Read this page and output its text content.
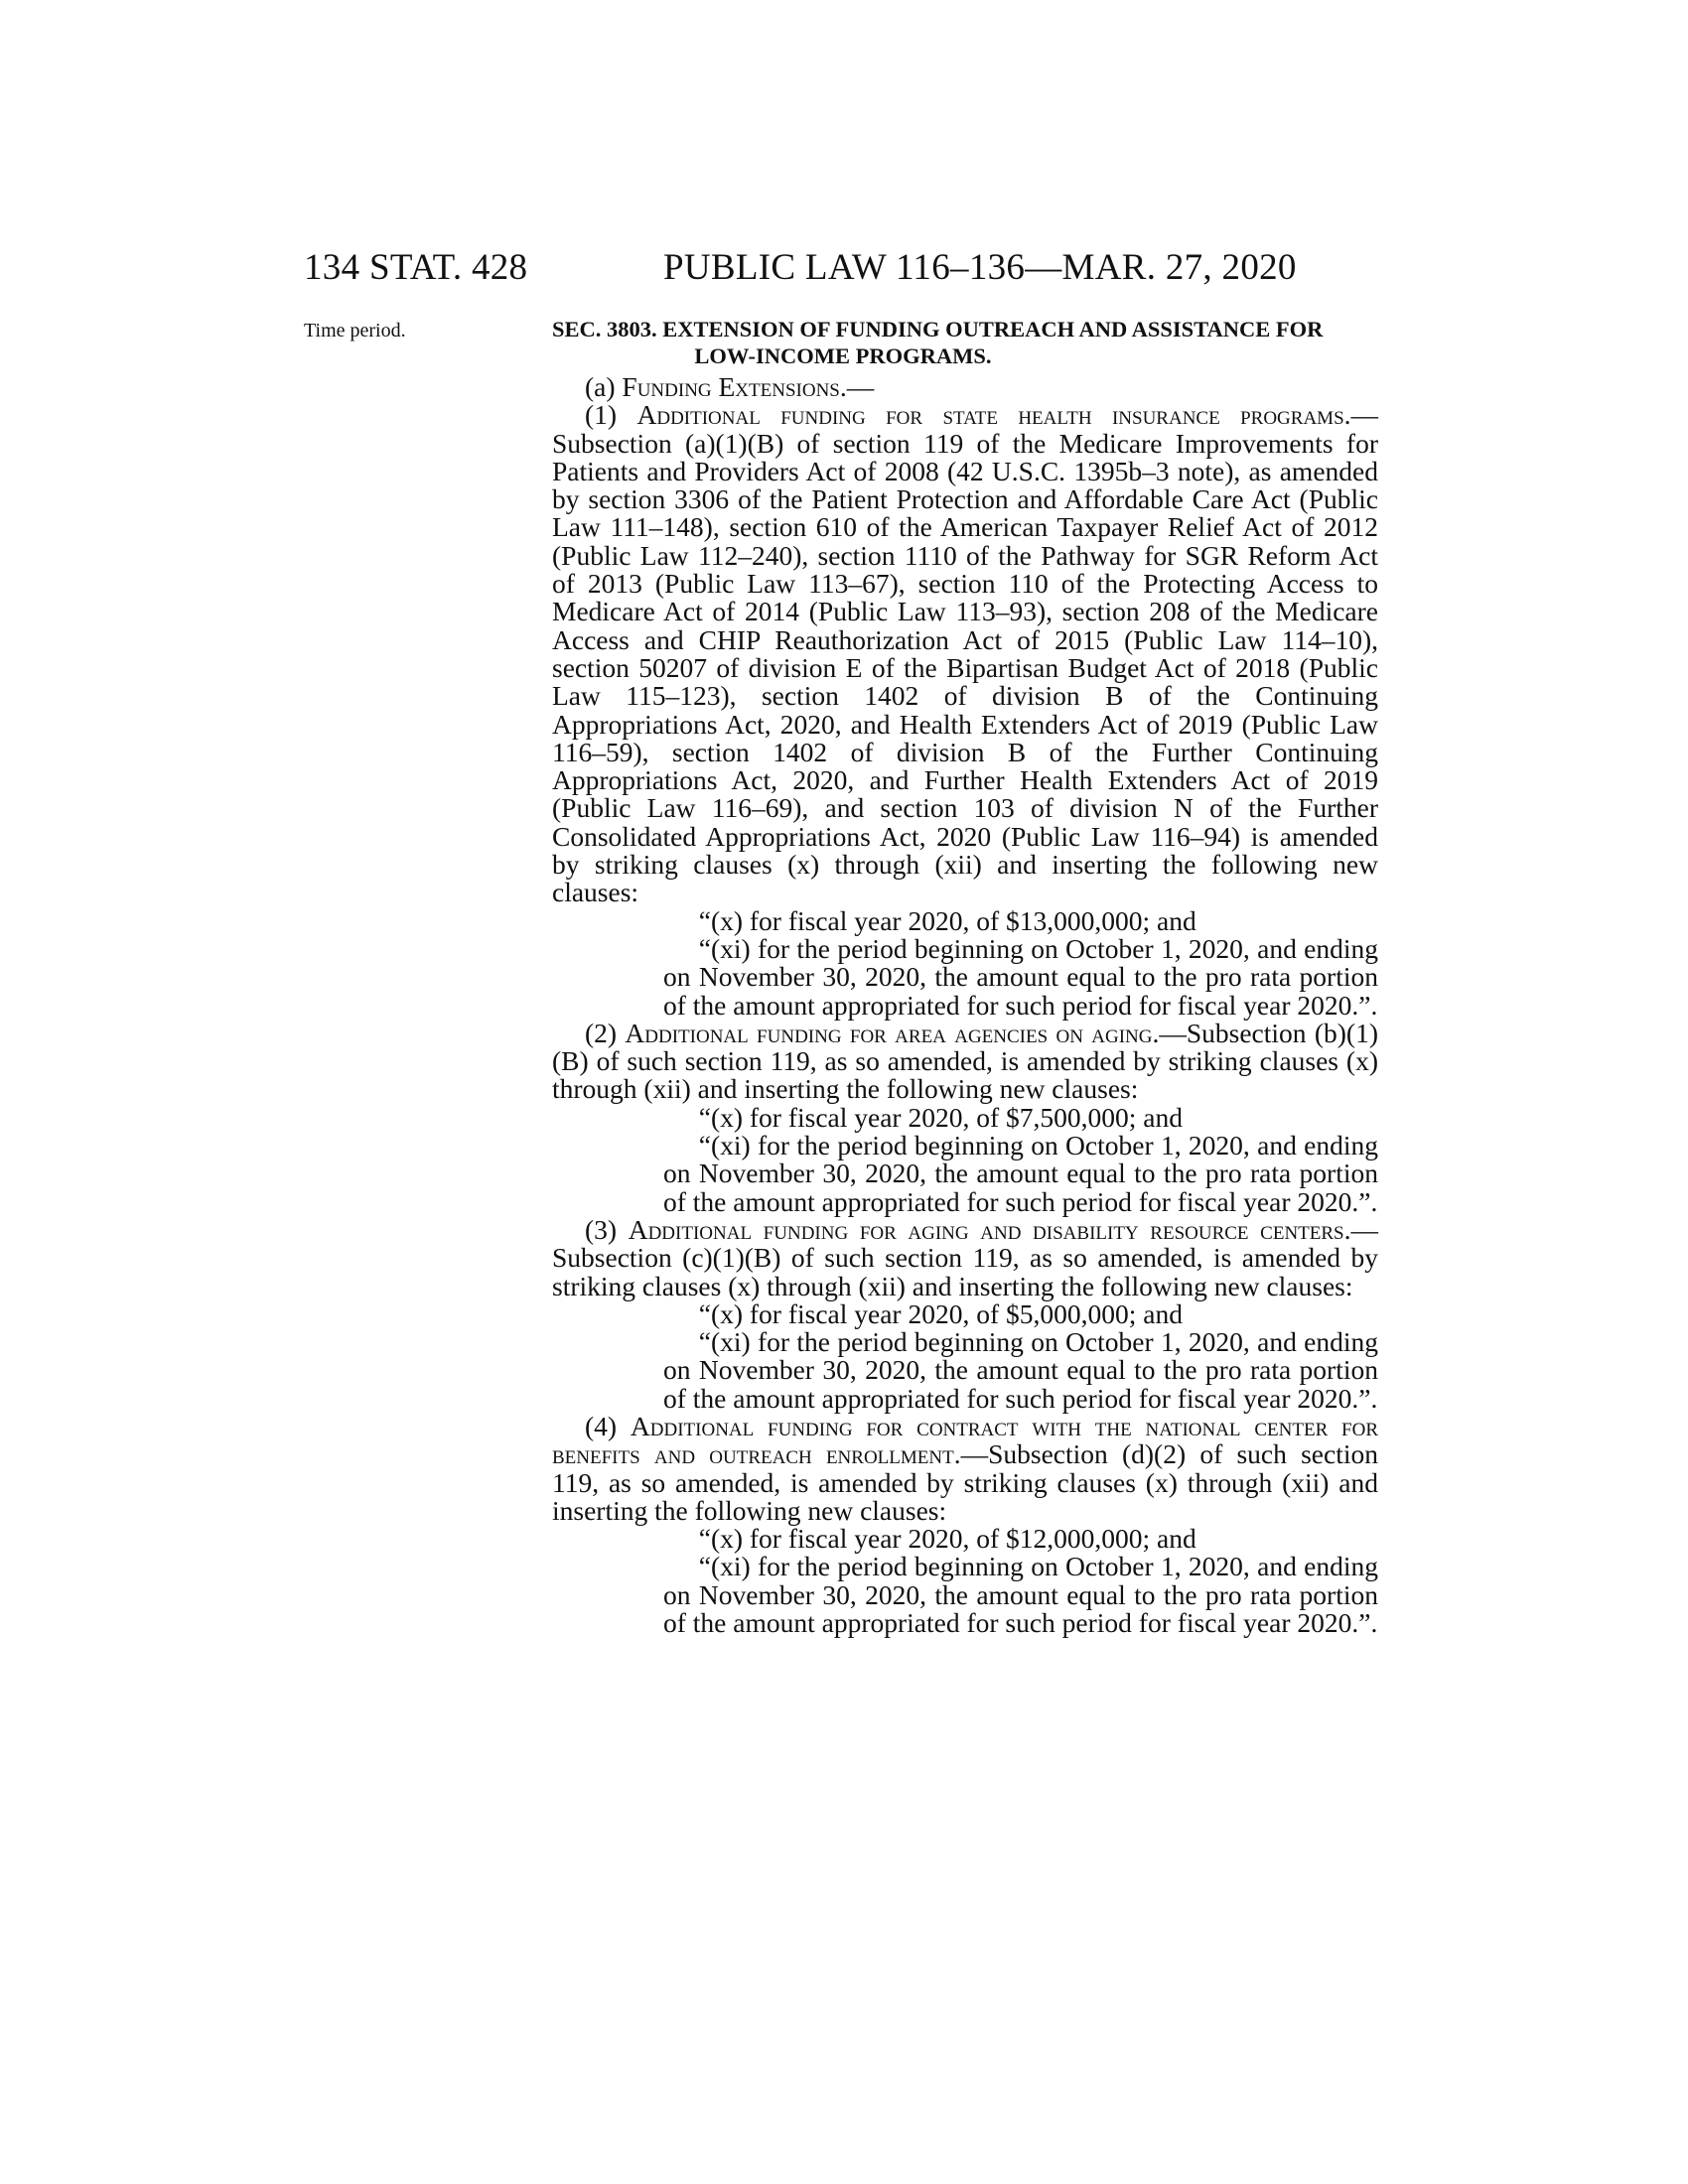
134 STAT. 428	PUBLIC LAW 116–136—MAR. 27, 2020
Time period.	SEC. 3803. EXTENSION OF FUNDING OUTREACH AND ASSISTANCE FOR
LOW-INCOME PROGRAMS.

(a) Funding Extensions.—

(1) Additional funding for state health insurance programs.—Subsection (a)(1)(B) of section 119 of the Medicare Improvements for Patients and Providers Act of 2008 (42 U.S.C. 1395b–3 note), as amended by section 3306 of the Patient Protection and Affordable Care Act (Public Law 111–148), section 610 of the American Taxpayer Relief Act of 2012 (Public Law 112–240), section 1110 of the Pathway for SGR Reform Act of 2013 (Public Law 113–67), section 110 of the Protecting Access to Medicare Act of 2014 (Public Law 113–93), section 208 of the Medicare Access and CHIP Reauthorization Act of 2015 (Public Law 114–10), section 50207 of division E of the Bipartisan Budget Act of 2018 (Public Law 115–123), section 1402 of division B of the Continuing Appropriations Act, 2020, and Health Extenders Act of 2019 (Public Law 116–59), section 1402 of division B of the Further Continuing Appropriations Act, 2020, and Further Health Extenders Act of 2019 (Public Law 116–69), and section 103 of division N of the Further Consolidated Appropriations Act, 2020 (Public Law 116–94) is amended by striking clauses (x) through (xii) and inserting the following new clauses:

“(x) for fiscal year 2020, of $13,000,000; and

“(xi) for the period beginning on October 1, 2020, and ending on November 30, 2020, the amount equal to the pro rata portion of the amount appropriated for such period for fiscal year 2020.”.

(2) Additional funding for area agencies on aging.—Subsection (b)(1)(B) of such section 119, as so amended, is amended by striking clauses (x) through (xii) and inserting the following new clauses:

“(x) for fiscal year 2020, of $7,500,000; and

“(xi) for the period beginning on October 1, 2020, and ending on November 30, 2020, the amount equal to the pro rata portion of the amount appropriated for such period for fiscal year 2020.”.

(3) Additional funding for aging and disability resource centers.—Subsection (c)(1)(B) of such section 119, as so amended, is amended by striking clauses (x) through (xii) and inserting the following new clauses:

“(x) for fiscal year 2020, of $5,000,000; and

“(xi) for the period beginning on October 1, 2020, and ending on November 30, 2020, the amount equal to the pro rata portion of the amount appropriated for such period for fiscal year 2020.”.

(4) Additional funding for contract with the national center for benefits and outreach enrollment.—Subsection (d)(2) of such section 119, as so amended, is amended by striking clauses (x) through (xii) and inserting the following new clauses:

“(x) for fiscal year 2020, of $12,000,000; and

“(xi) for the period beginning on October 1, 2020, and ending on November 30, 2020, the amount equal to the pro rata portion of the amount appropriated for such period for fiscal year 2020.”.
